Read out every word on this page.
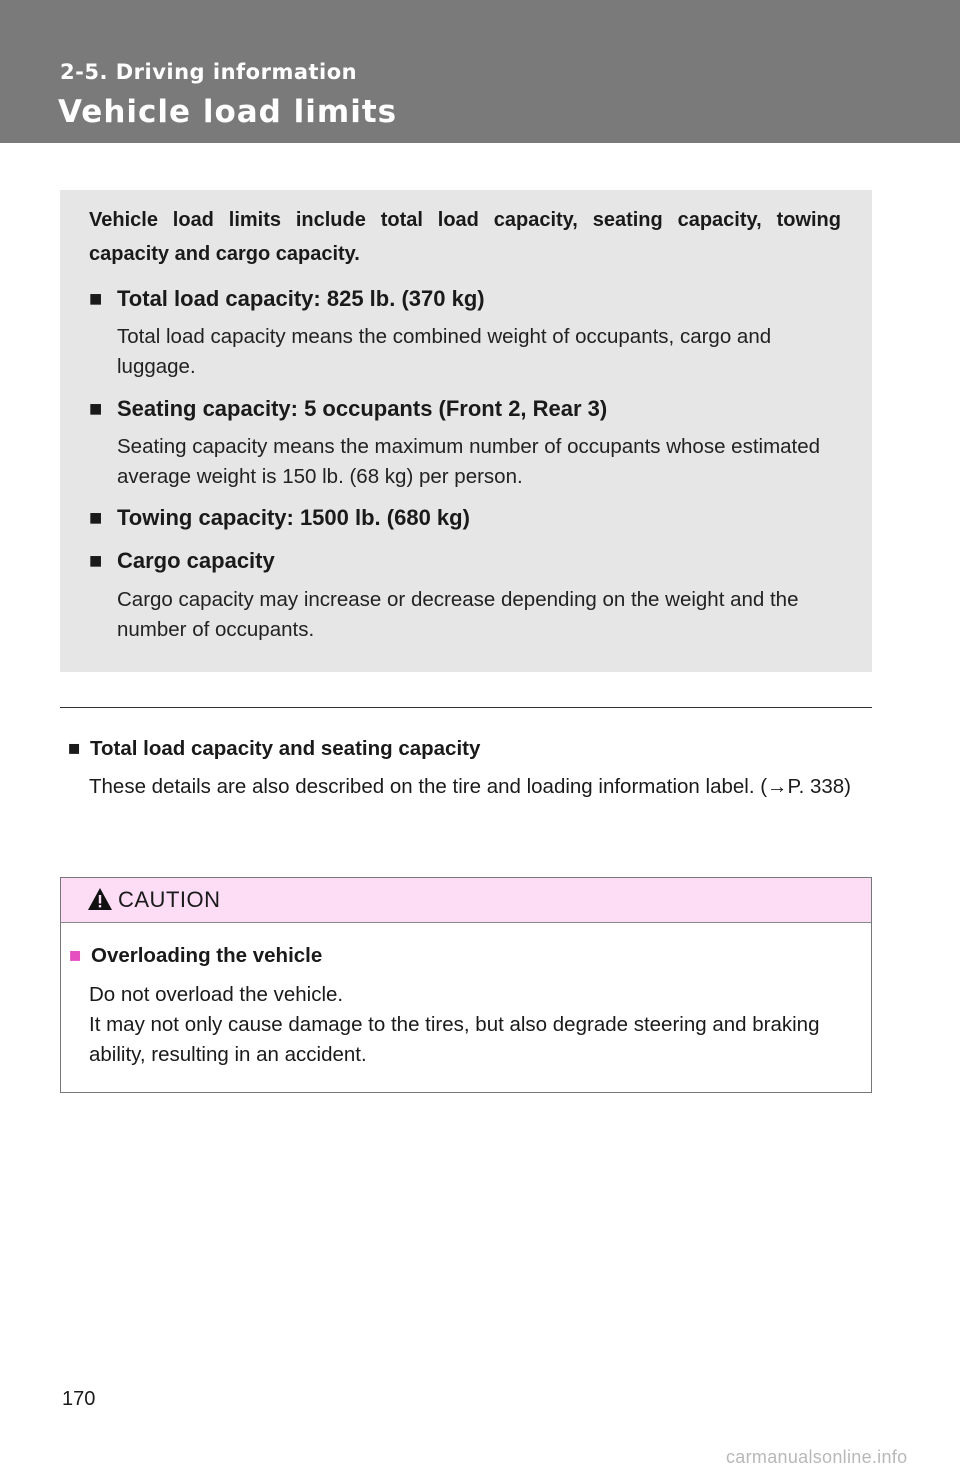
2-5. Driving information
Vehicle load limits
Vehicle load limits include total load capacity, seating capacity, towing capacity and cargo capacity.
■ Total load capacity: 825 lb. (370 kg)
Total load capacity means the combined weight of occupants, cargo and luggage.
■ Seating capacity: 5 occupants (Front 2, Rear 3)
Seating capacity means the maximum number of occupants whose estimated average weight is 150 lb. (68 kg) per person.
■ Towing capacity: 1500 lb. (680 kg)
■ Cargo capacity
Cargo capacity may increase or decrease depending on the weight and the number of occupants.
■ Total load capacity and seating capacity
These details are also described on the tire and loading information label. (→P. 338)
CAUTION
■ Overloading the vehicle
Do not overload the vehicle.
It may not only cause damage to the tires, but also degrade steering and braking ability, resulting in an accident.
170
carmanualsonline.info
